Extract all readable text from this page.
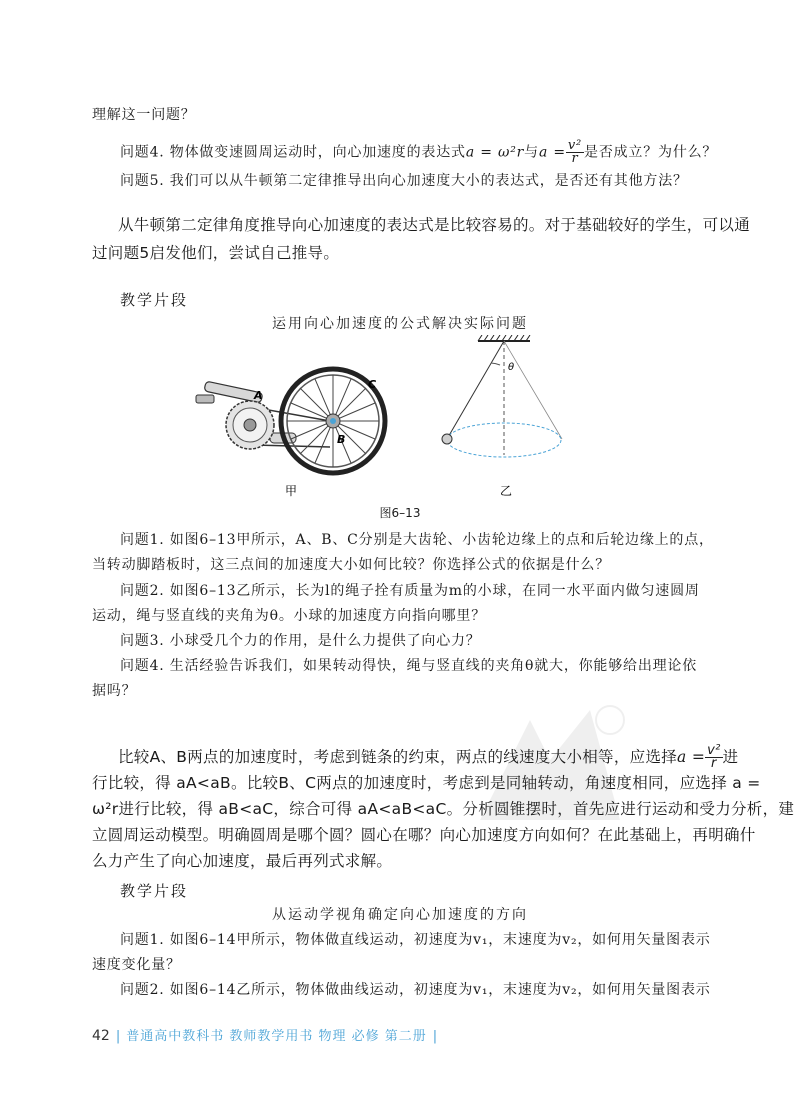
理解这一问题？
问题4. 物体做变速圆周运动时，向心加速度的表达式a = ω²r与$a = \frac{\text{v²}}{r}$ 是否成立？为什么？
问题5. 我们可以从牛顿第二定律推导出向心加速度大小的表达式，是否还有其他方法？
从牛顿第二定律角度推导向心加速度的表达式是比较容易的。对于基础较好的学生，可以通
过问题5启发他们，尝试自己推导。
教学片段
运用向心加速度的公式解决实际问题
A
B
C
θ
甲	乙
图6–13
问题1. 如图6–13甲所示，A、B、C分别是大齿轮、小齿轮边缘上的点和后轮边缘上的点，
当转动脚踏板时，这三点间的加速度大小如何比较？你选择公式的依据是什么？
问题2. 如图6–13乙所示，长为l的绳子拴有质量为m的小球，在同一水平面内做匀速圆周
运动，绳与竖直线的夹角为θ。小球的加速度方向指向哪里？
问题3. 小球受几个力的作用，是什么力提供了向心力？
问题4. 生活经验告诉我们，如果转动得快，绳与竖直线的夹角θ就大，你能够给出理论依
据吗？
比较A、B两点的加速度时，考虑到链条的约束，两点的线速度大小相等，应选择$a = \frac{\text{v²}}{r}$ 进
行比较，得 aA<aB。比较B、C两点的加速度时，考虑到是同轴转动，角速度相同，应选择 a =
ω²r进行比较，得 aB<aC，综合可得 aA<aB<aC。分析圆锥摆时，首先应进行运动和受力分析，建
立圆周运动模型。明确圆周是哪个圆？圆心在哪？向心加速度方向如何？在此基础上，再明确什
么力产生了向心加速度，最后再列式求解。
教学片段
从运动学视角确定向心加速度的方向
问题1. 如图6–14甲所示，物体做直线运动，初速度为v₁，末速度为v₂，如何用矢量图表示
速度变化量？
问题2. 如图6–14乙所示，物体做曲线运动，初速度为v₁，末速度为v₂，如何用矢量图表示
42 | 普通高中教科书 教师教学用书 物理 必修 第二册 |
